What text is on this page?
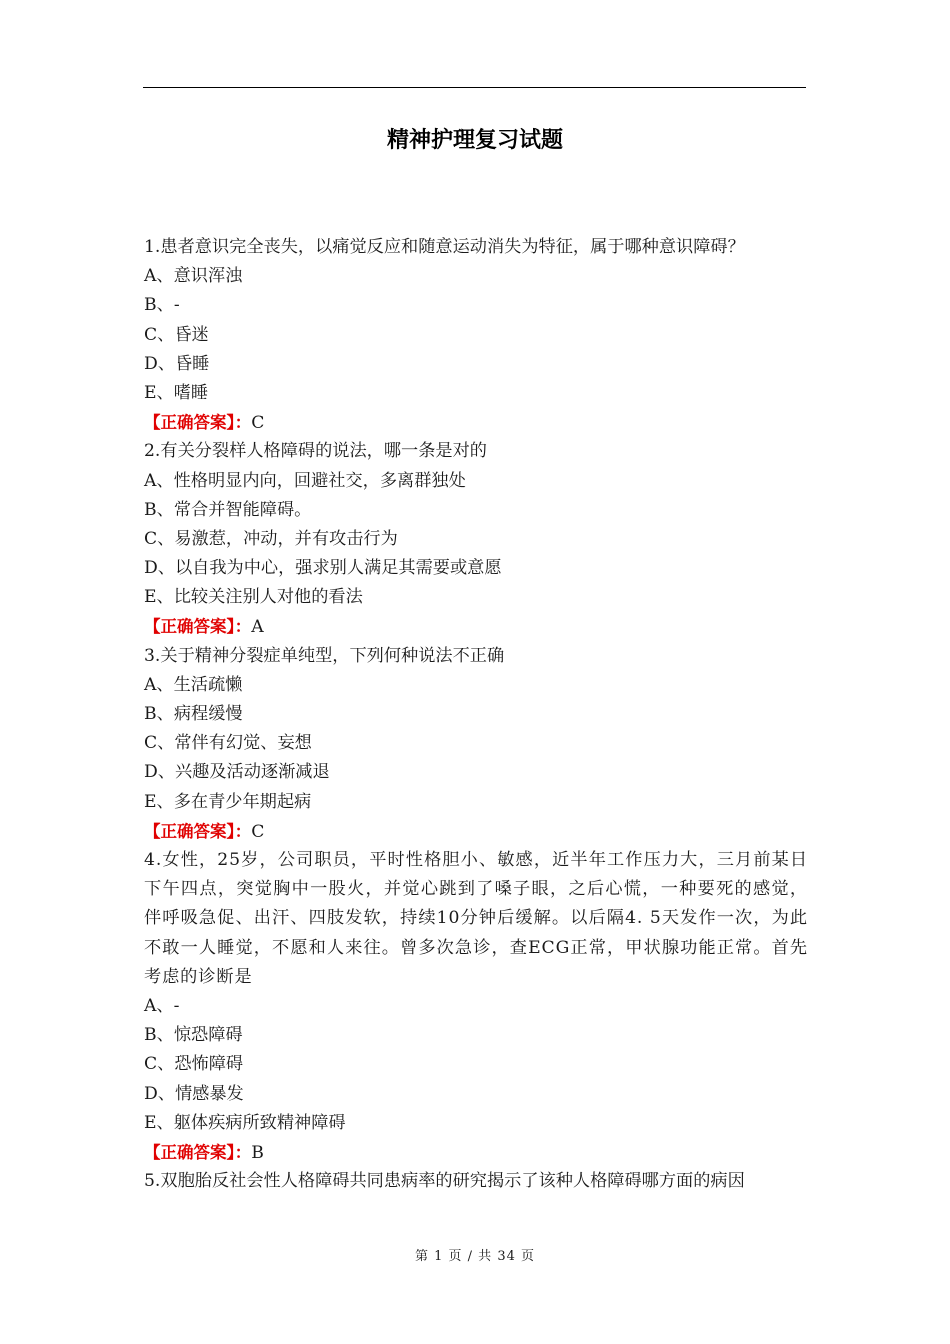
精神护理复习试题
1.患者意识完全丧失，以痛觉反应和随意运动消失为特征，属于哪种意识障碍？
A、意识浑浊
B、-
C、昏迷
D、昏睡
E、嗜睡
【正确答案】：C
2.有关分裂样人格障碍的说法，哪一条是对的
A、性格明显内向，回避社交，多离群独处
B、常合并智能障碍。
C、易激惹，冲动，并有攻击行为
D、以自我为中心，强求别人满足其需要或意愿
E、比较关注别人对他的看法
【正确答案】：A
3.关于精神分裂症单纯型，下列何种说法不正确
A、生活疏懒
B、病程缓慢
C、常伴有幻觉、妄想
D、兴趣及活动逐渐减退
E、多在青少年期起病
【正确答案】：C
4.女性，25岁，公司职员，平时性格胆小、敏感，近半年工作压力大，三月前某日下午四点，突觉胸中一股火，并觉心跳到了嗓子眼，之后心慌，一种要死的感觉，伴呼吸急促、出汗、四肢发软，持续10分钟后缓解。以后隔4. 5天发作一次，为此不敢一人睡觉，不愿和人来往。曾多次急诊，查ECG正常，甲状腺功能正常。首先考虑的诊断是
A、-
B、惊恐障碍
C、恐怖障碍
D、情感暴发
E、躯体疾病所致精神障碍
【正确答案】：B
5.双胞胎反社会性人格障碍共同患病率的研究揭示了该种人格障碍哪方面的病因
第 1 页 / 共 34 页
